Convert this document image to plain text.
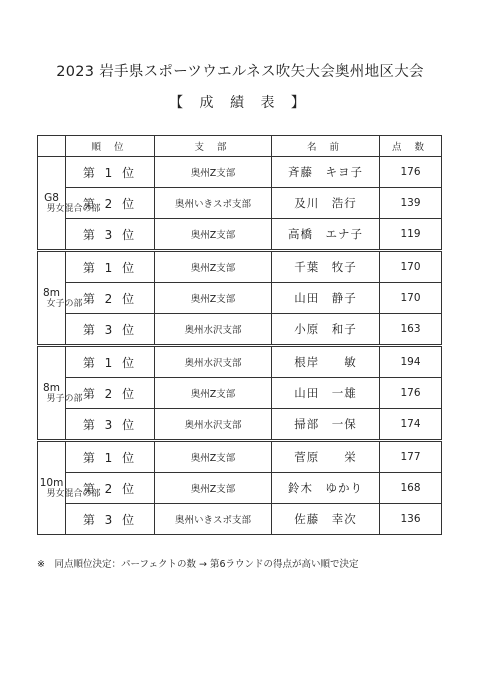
2023 岩手県スポーツウエルネス吹矢大会奥州地区大会
【 成 績 表 】
	順 位	支 部	名 前	点 数

G8
男女混合の部	第 1 位	奥州Z支部	斉藤　キヨ子	176
	第 2 位	奥州いきスポ支部	及川　浩行	139
	第 3 位	奥州Z支部	高橋　エナ子	119

8m
女子の部	第 1 位	奥州Z支部	千葉　牧子	170
	第 2 位	奥州Z支部	山田　静子	170
	第 3 位	奥州水沢支部	小原　和子	163

8m
男子の部	第 1 位	奥州水沢支部	根岸　　敏	194
	第 2 位	奥州Z支部	山田　一雄	176
	第 3 位	奥州水沢支部	掃部　一保	174

10m
男女混合の部	第 1 位	奥州Z支部	菅原　　栄	177
	第 2 位	奥州Z支部	鈴木　ゆかり	168
	第 3 位	奥州いきスポ支部	佐藤　幸次	136
※　同点順位決定：パーフェクトの数 → 第6ラウンドの得点が高い順で決定
